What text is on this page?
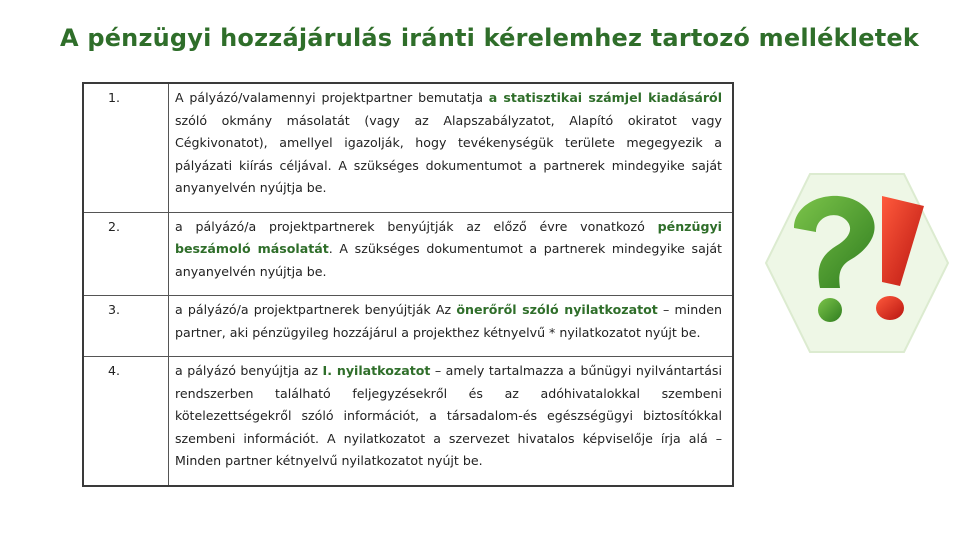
A pénzügyi hozzájárulás iránti kérelemhez tartozó mellékletek
1.	A pályázó/valamennyi projektpartner bemutatja a statisztikai számjel kiadásáról szóló okmány másolatát (vagy az Alapszabályzatot, Alapító okiratot vagy Cégkivonatot), amellyel igazolják, hogy tevékenységük területe megegyezik a pályázati kiírás céljával. A szükséges dokumentumot a partnerek mindegyike saját anyanyelvén nyújtja be.
2.	a pályázó/a projektpartnerek benyújtják az előző évre vonatkozó pénzügyi beszámoló másolatát. A szükséges dokumentumot a partnerek mindegyike saját anyanyelvén nyújtja be.
3.	a pályázó/a projektpartnerek benyújtják Az önerőről szóló nyilatkozatot – minden partner, aki pénzügyileg hozzájárul a projekthez kétnyelvű * nyilatkozatot nyújt be.
4.	a pályázó benyújtja az I. nyilatkozatot – amely tartalmazza a bűnügyi nyilvántartási rendszerben található feljegyzésekről és az adóhivatalokkal szembeni kötelezettségekről szóló információt, a társadalom-és egészségügyi biztosítókkal szembeni információt. A nyilatkozatot a szervezet hivatalos képviselője írja alá – Minden partner kétnyelvű nyilatkozatot nyújt be.
